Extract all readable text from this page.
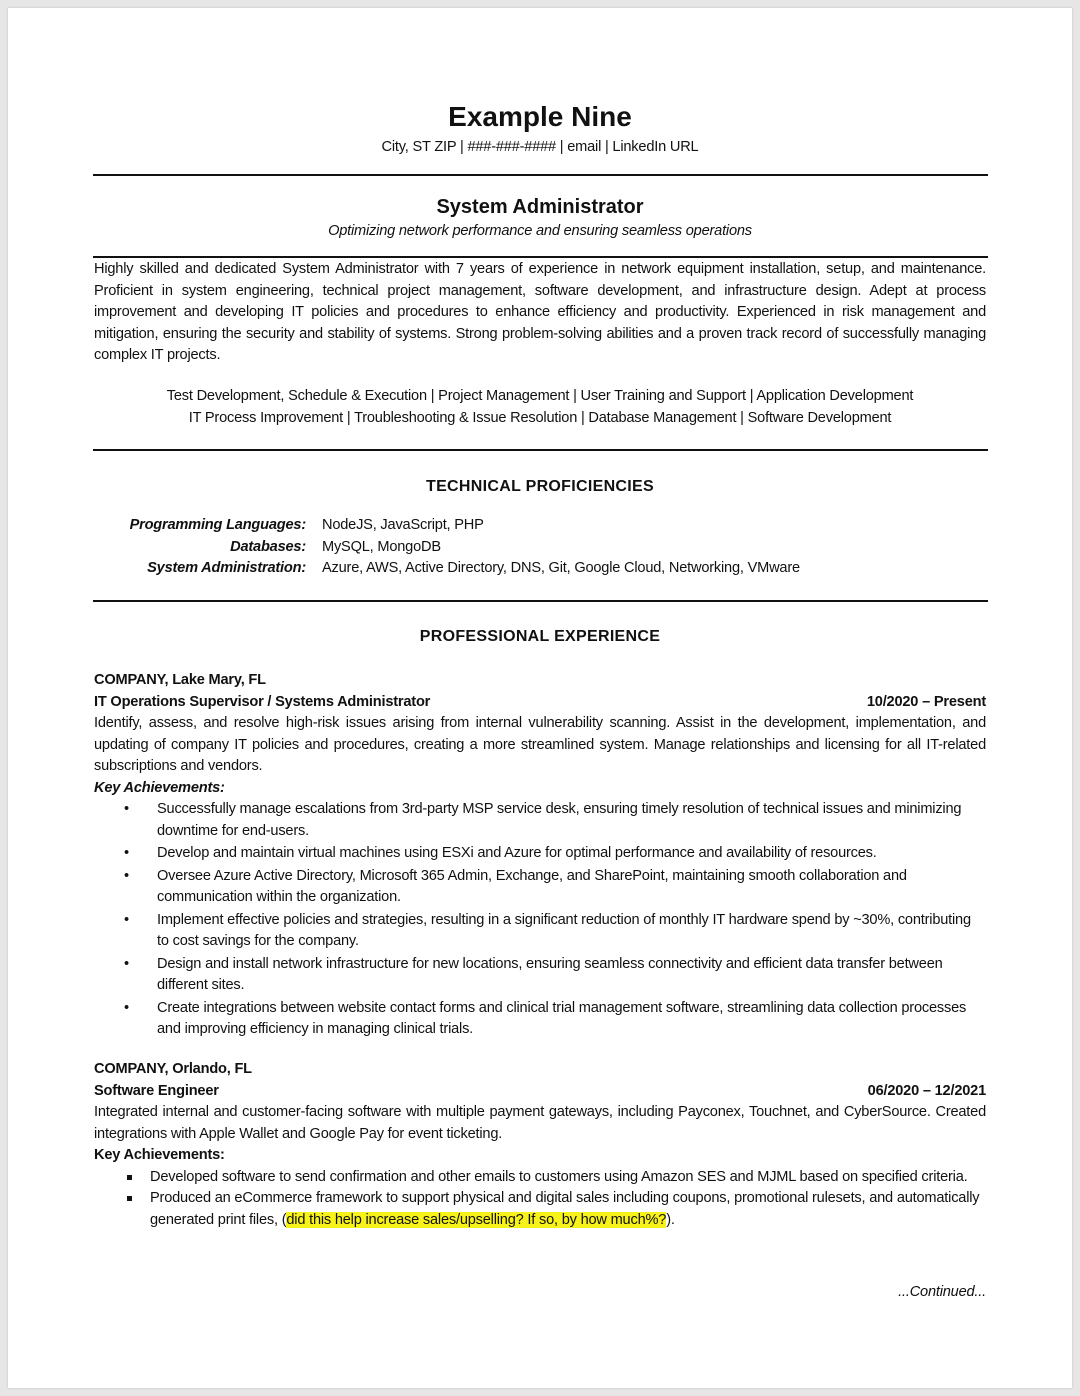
Example Nine
City, ST ZIP | ###-###-#### | email | LinkedIn URL
System Administrator
Optimizing network performance and ensuring seamless operations
Highly skilled and dedicated System Administrator with 7 years of experience in network equipment installation, setup, and maintenance. Proficient in system engineering, technical project management, software development, and infrastructure design. Adept at process improvement and developing IT policies and procedures to enhance efficiency and productivity. Experienced in risk management and mitigation, ensuring the security and stability of systems. Strong problem-solving abilities and a proven track record of successfully managing complex IT projects.
Test Development, Schedule & Execution | Project Management | User Training and Support | Application Development
IT Process Improvement | Troubleshooting & Issue Resolution | Database Management | Software Development
TECHNICAL PROFICIENCIES
Programming Languages:	NodeJS, JavaScript, PHP
Databases:	MySQL, MongoDB
System Administration:	Azure, AWS, Active Directory, DNS, Git, Google Cloud, Networking, VMware
PROFESSIONAL EXPERIENCE
COMPANY, Lake Mary, FL
IT Operations Supervisor / Systems Administrator	10/2020 – Present
Identify, assess, and resolve high-risk issues arising from internal vulnerability scanning. Assist in the development, implementation, and updating of company IT policies and procedures, creating a more streamlined system. Manage relationships and licensing for all IT-related subscriptions and vendors.
Key Achievements:
• Successfully manage escalations from 3rd-party MSP service desk, ensuring timely resolution of technical issues and minimizing downtime for end-users.
• Develop and maintain virtual machines using ESXi and Azure for optimal performance and availability of resources.
• Oversee Azure Active Directory, Microsoft 365 Admin, Exchange, and SharePoint, maintaining smooth collaboration and communication within the organization.
• Implement effective policies and strategies, resulting in a significant reduction of monthly IT hardware spend by ~30%, contributing to cost savings for the company.
• Design and install network infrastructure for new locations, ensuring seamless connectivity and efficient data transfer between different sites.
• Create integrations between website contact forms and clinical trial management software, streamlining data collection processes and improving efficiency in managing clinical trials.
COMPANY, Orlando, FL
Software Engineer	06/2020 – 12/2021
Integrated internal and customer-facing software with multiple payment gateways, including Payconex, Touchnet, and CyberSource. Created integrations with Apple Wallet and Google Pay for event ticketing.
Key Achievements:
Developed software to send confirmation and other emails to customers using Amazon SES and MJML based on specified criteria.
Produced an eCommerce framework to support physical and digital sales including coupons, promotional rulesets, and automatically generated print files, (did this help increase sales/upselling? If so, by how much%?).
...Continued...
